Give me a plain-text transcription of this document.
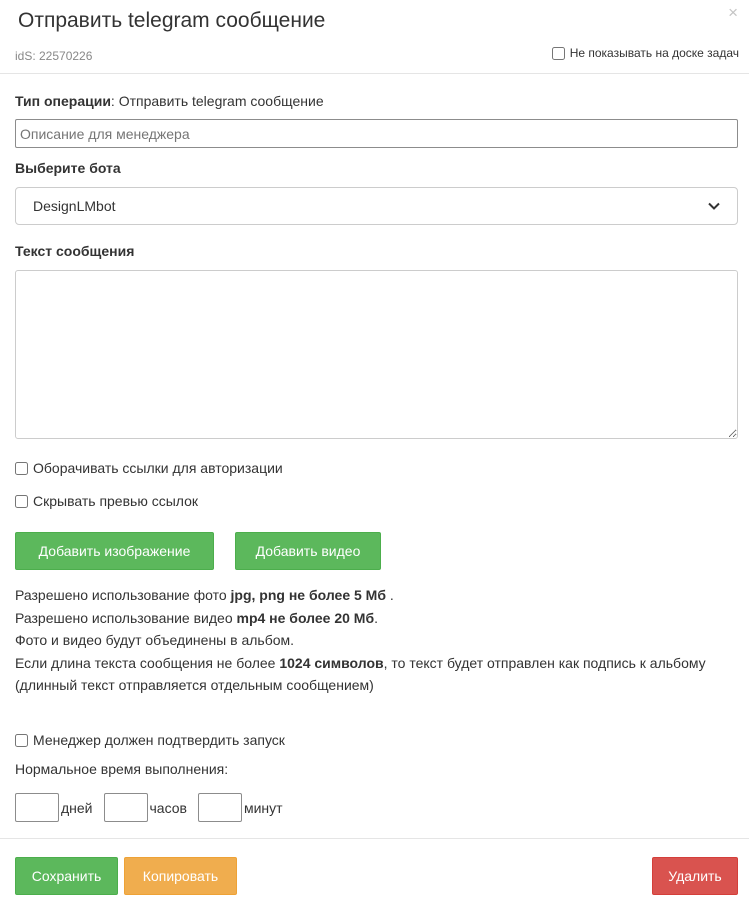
Отправить telegram сообщение	×
idS: 22570226	Не показывать на доске задач
Тип операции: Отправить telegram сообщение
Описание для менеджера
Выберите бота
DesignLMbot
Текст сообщения
Оборачивать ссылки для авторизации
Скрывать превью ссылок
Добавить изображение	Добавить видео

Разрешено использование фото jpg, png не более 5 Мб .

Разрешено использование видео mp4 не более 20 Мб.

Фото и видео будут объединены в альбом.

Если длина текста сообщения не более 1024 символов, то текст будет отправлен как подпись к альбому (длинный текст отправляется отдельным сообщением)

Менеджер должен подтвердить запуск
Нормальное время выполнения:
дней	часов	минут
Сохранить	Копировать	Удалить
